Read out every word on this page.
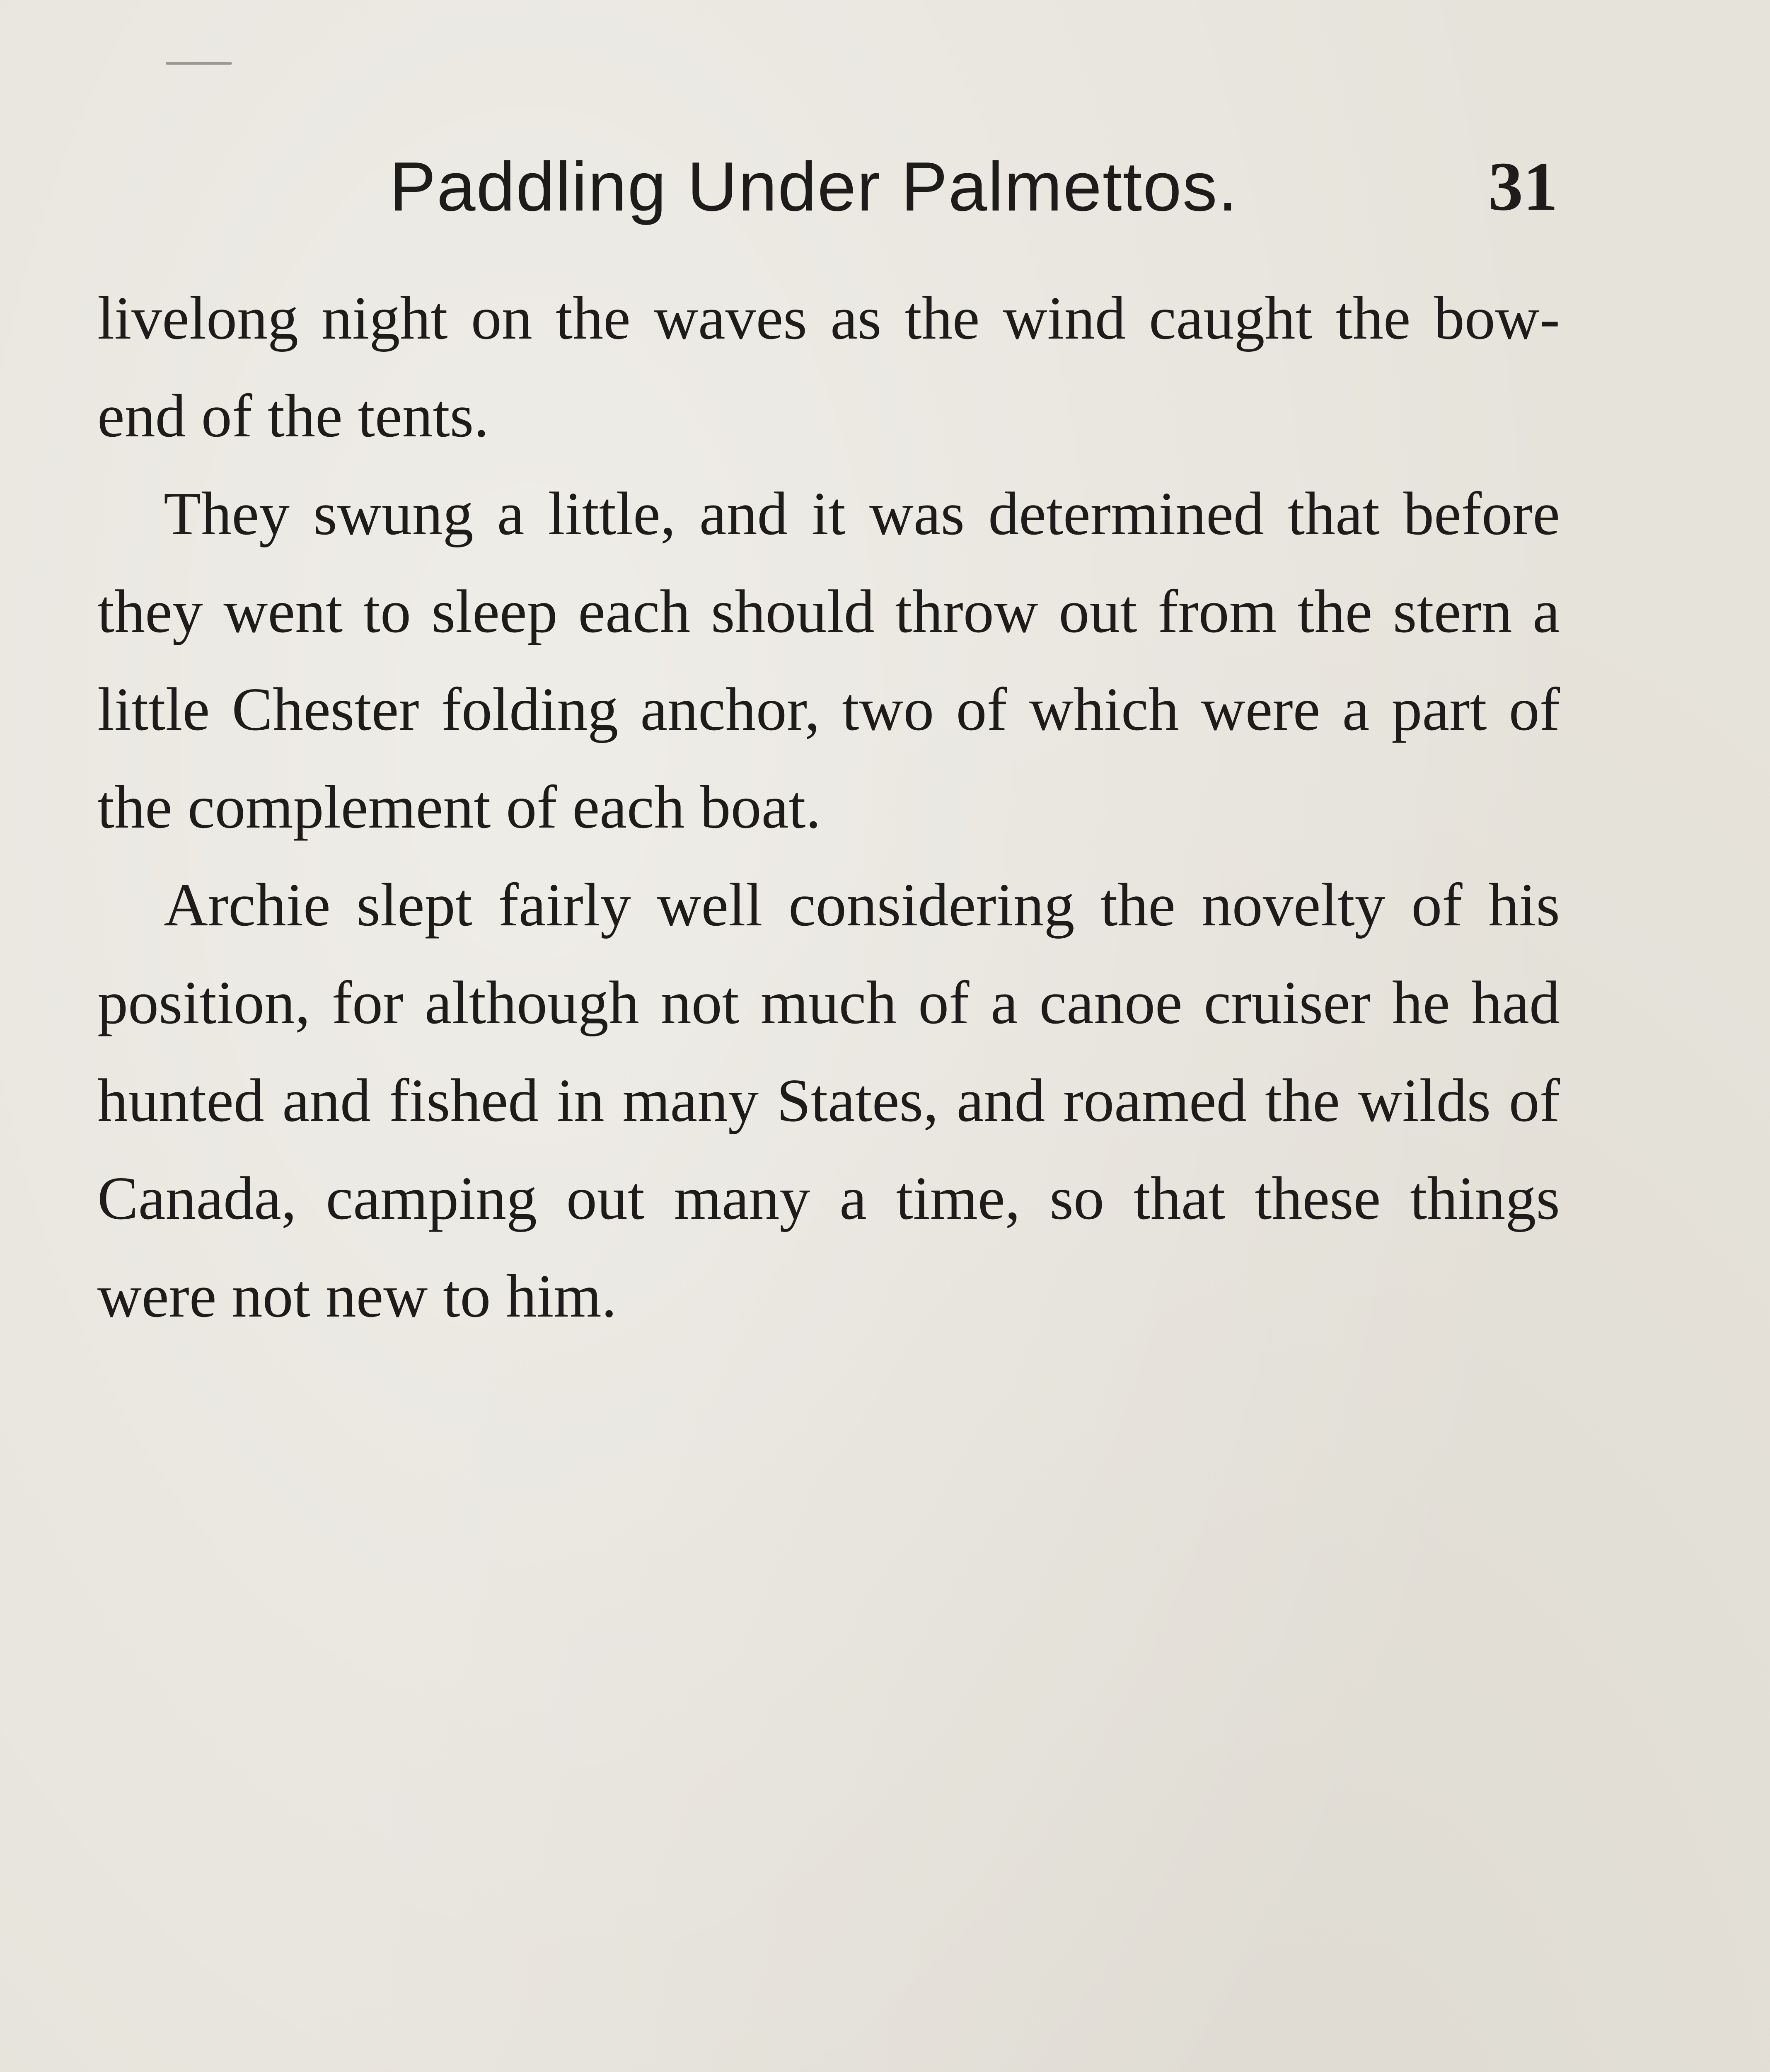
Paddling Under Palmettos.	31

livelong night on the waves as the wind caught the bow-end of the tents.

They swung a little, and it was determined that before they went to sleep each should throw out from the stern a little Chester folding anchor, two of which were a part of the complement of each boat.

Archie slept fairly well considering the novelty of his position, for although not much of a canoe cruiser he had hunted and fished in many States, and roamed the wilds of Canada, camping out many a time, so that these things were not new to him.
